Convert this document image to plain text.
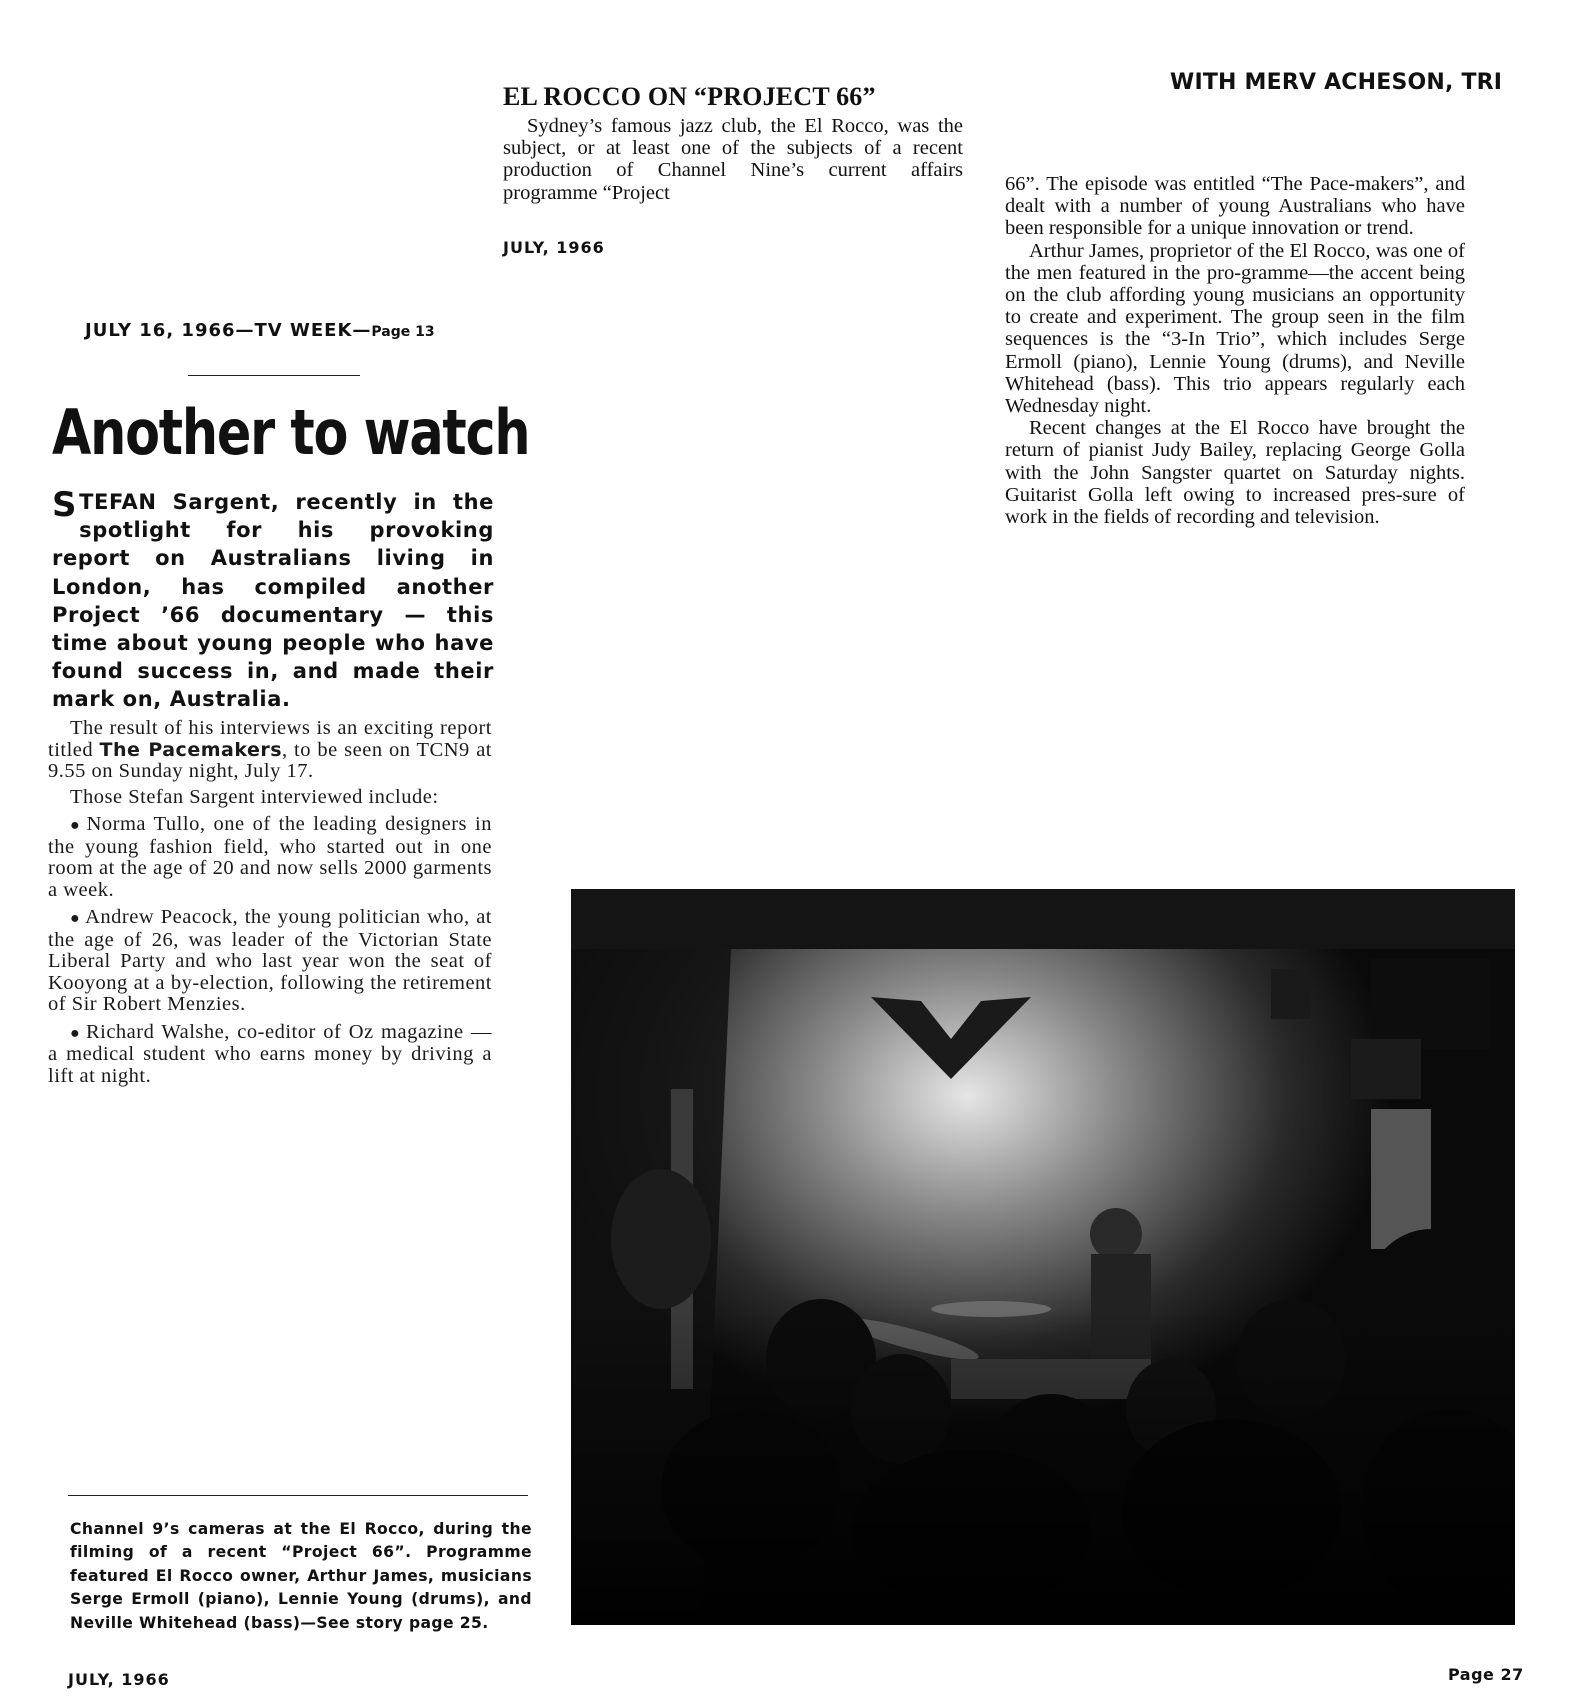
WITH MERV ACHESON, TRI
EL ROCCO ON “PROJECT 66”

Sydney’s famous jazz club, the El Rocco, was the subject, or at least one of the subjects of a recent production of Channel Nine’s current affairs programme “Project

JULY, 1966

66”. The episode was entitled “The Pace-makers”, and dealt with a number of young Australians who have been responsible for a unique innovation or trend.

Arthur James, proprietor of the El Rocco, was one of the men featured in the pro-gramme—the accent being on the club affording young musicians an opportunity to create and experiment. The group seen in the film sequences is the “3-In Trio”, which includes Serge Ermoll (piano), Lennie Young (drums), and Neville Whitehead (bass). This trio appears regularly each Wednesday night.

Recent changes at the El Rocco have brought the return of pianist Judy Bailey, replacing George Golla with the John Sangster quartet on Saturday nights. Guitarist Golla left owing to increased pres-sure of work in the fields of recording and television.

JULY 16, 1966—TV WEEK—Page 13
Another to watch

STEFAN Sargent, recently in the spotlight for his provoking report on Australians living in London, has compiled another Project ’66 documentary — this time about young people who have found success in, and made their mark on, Australia.

The result of his interviews is an exciting report titled The Pacemakers, to be seen on TCN9 at 9.55 on Sunday night, July 17.

Those Stefan Sargent interviewed include:

● Norma Tullo, one of the leading designers in the young fashion field, who started out in one room at the age of 20 and now sells 2000 garments a week.

● Andrew Peacock, the young politician who, at the age of 26, was leader of the Victorian State Liberal Party and who last year won the seat of Kooyong at a by-election, following the retirement of Sir Robert Menzies.

● Richard Walshe, co-editor of Oz magazine — a medical student who earns money by driving a lift at night.

Channel 9’s cameras at the El Rocco, during the filming of a recent “Project 66”. Programme featured El Rocco owner, Arthur James, musicians Serge Ermoll (piano), Lennie Young (drums), and Neville Whitehead (bass)—See story page 25.

JULY, 1966	Page 27
